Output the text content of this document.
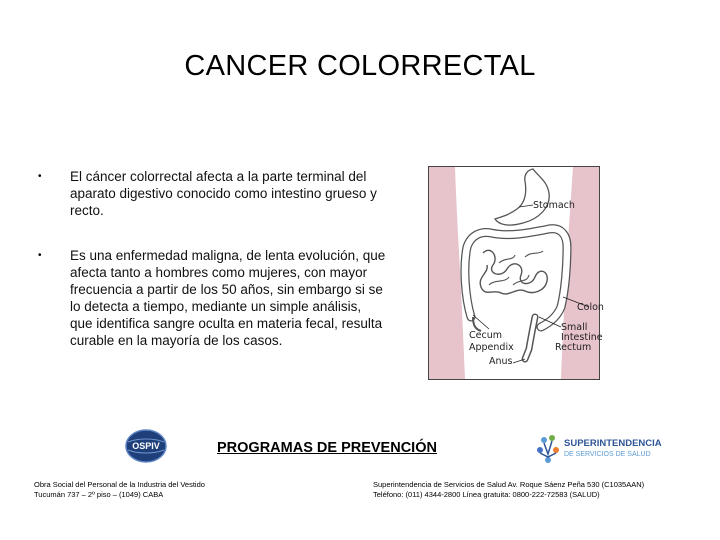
CANCER COLORRECTAL
•	El cáncer colorrectal afecta a la parte terminal del aparato digestivo conocido como intestino grueso y recto.
•	Es una enfermedad maligna, de lenta evolución, que afecta tanto a hombres como mujeres, con mayor frecuencia a partir de los 50 años, sin embargo si se lo detecta a tiempo, mediante un simple análisis, que identifica sangre oculta en materia fecal, resulta curable en la mayoría de los casos.
Stomach
Colon
Cecum
Appendix
Small
Intestine
Rectum
Anus
OSPIV	PROGRAMAS DE PREVENCIÓN	SUPERINTENDENCIA
DE SERVICIOS DE SALUD
Obra Social del Personal de la Industria del Vestido
Tucumán 737 – 2º piso – (1049) CABA
Superintendencia de Servicios de Salud Av. Roque Sáenz Peña 530 (C1035AAN)
Teléfono: (011) 4344-2800 Línea gratuita: 0800-222-72583 (SALUD)
